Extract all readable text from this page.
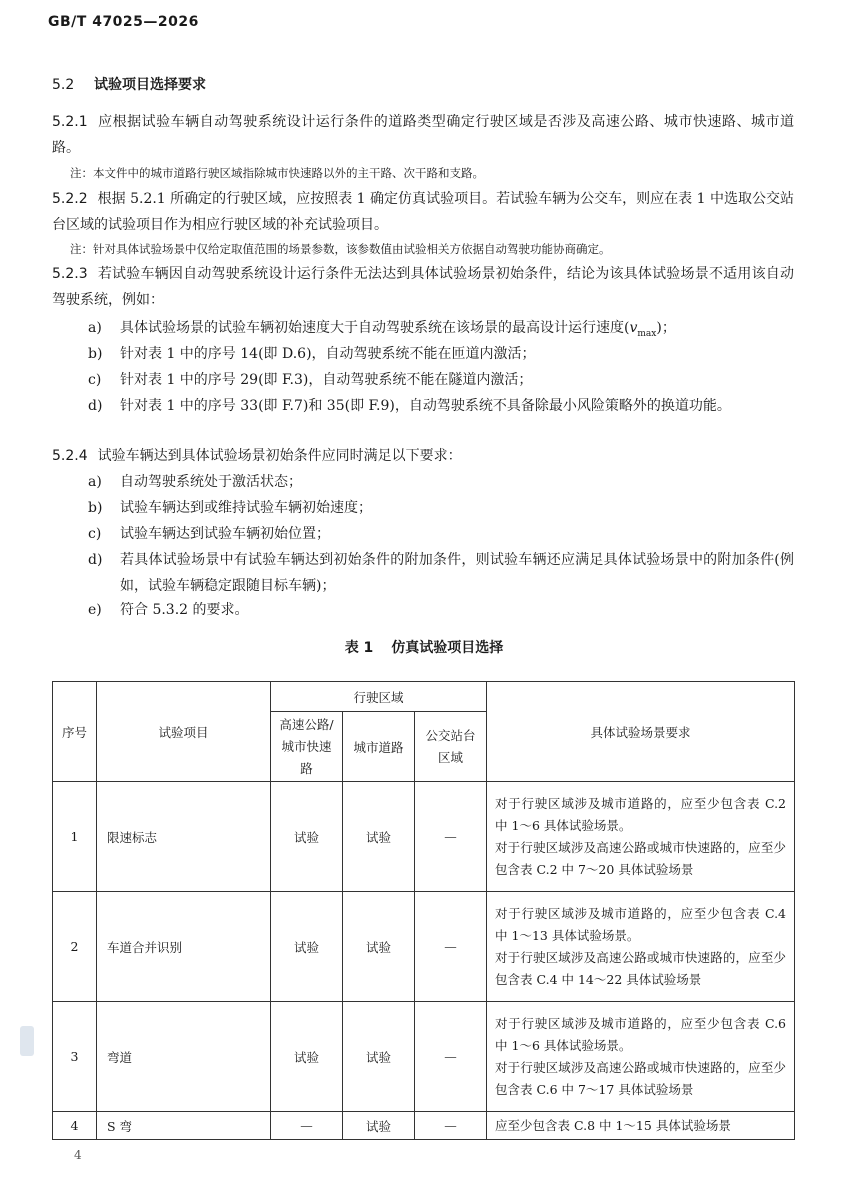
GB/T 47025—2026
5.2 试验项目选择要求
5.2.1 应根据试验车辆自动驾驶系统设计运行条件的道路类型确定行驶区域是否涉及高速公路、城市快速路、城市道路。
注：本文件中的城市道路行驶区域指除城市快速路以外的主干路、次干路和支路。
5.2.2 根据 5.2.1 所确定的行驶区域，应按照表 1 确定仿真试验项目。若试验车辆为公交车，则应在表 1 中选取公交站台区域的试验项目作为相应行驶区域的补充试验项目。
注：针对具体试验场景中仅给定取值范围的场景参数，该参数值由试验相关方依据自动驾驶功能协商确定。
5.2.3 若试验车辆因自动驾驶系统设计运行条件无法达到具体试验场景初始条件，结论为该具体试验场景不适用该自动驾驶系统，例如：
a)	具体试验场景的试验车辆初始速度大于自动驾驶系统在该场景的最高设计运行速度$(v_{max})$；
b)	针对表 1 中的序号 14(即 D.6)，自动驾驶系统不能在匝道内激活；
c)	针对表 1 中的序号 29(即 F.3)，自动驾驶系统不能在隧道内激活；
d)	针对表 1 中的序号 33(即 F.7)和 35(即 F.9)，自动驾驶系统不具备除最小风险策略外的换道功能。
5.2.4 试验车辆达到具体试验场景初始条件应同时满足以下要求：
a)	自动驾驶系统处于激活状态；
b)	试验车辆达到或维持试验车辆初始速度；
c)	试验车辆达到试验车辆初始位置；
d)	若具体试验场景中有试验车辆达到初始条件的附加条件，则试验车辆还应满足具体试验场景中的附加条件(例如，试验车辆稳定跟随目标车辆)；
e)	符合 5.3.2 的要求。
表 1 仿真试验项目选择
序号	试验项目	行驶区域			具体试验场景要求
		高速公路/城市快速路	城市道路	公交站台区域	
1	限速标志	试验	试验	—	对于行驶区域涉及城市道路的，应至少包含表 C.2 中 1～6 具体试验场景。
对于行驶区域涉及高速公路或城市快速路的，应至少包含表 C.2 中 7～20 具体试验场景

2	车道合并识别	试验	试验	—	对于行驶区域涉及城市道路的，应至少包含表 C.4 中 1～13 具体试验场景。
对于行驶区域涉及高速公路或城市快速路的，应至少包含表 C.4 中 14～22 具体试验场景

3	弯道	试验	试验	—	对于行驶区域涉及城市道路的，应至少包含表 C.6 中 1～6 具体试验场景。
对于行驶区域涉及高速公路或城市快速路的，应至少包含表 C.6 中 7～17 具体试验场景

4	S 弯	—	试验	—	应至少包含表 C.8 中 1～15 具体试验场景
4
